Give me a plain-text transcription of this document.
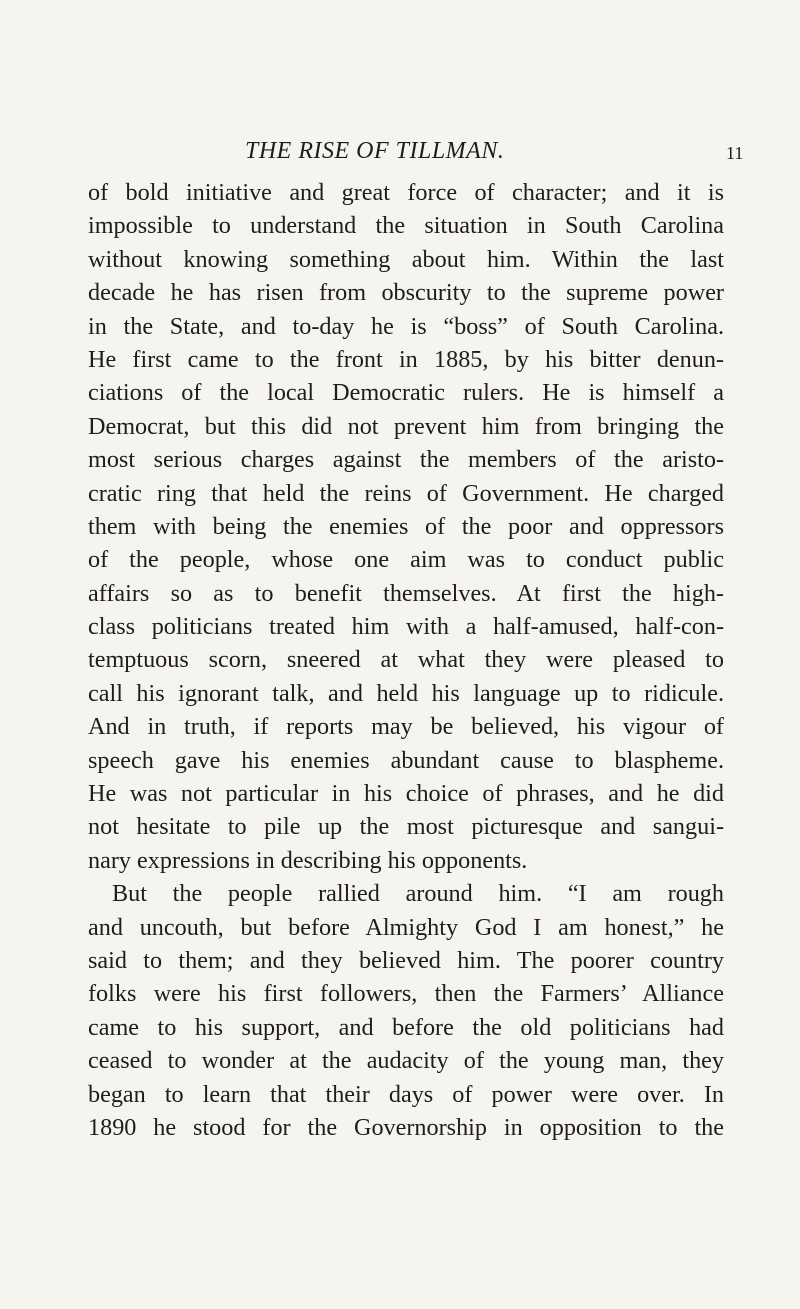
THE RISE OF TILLMAN.	11
of bold initiative and great force of character; and it is
impossible to understand the situation in South Carolina
without knowing something about him. Within the last
decade he has risen from obscurity to the supreme power
in the State, and to-day he is “boss” of South Carolina.
He first came to the front in 1885, by his bitter denun-
ciations of the local Democratic rulers. He is himself a
Democrat, but this did not prevent him from bringing the
most serious charges against the members of the aristo-
cratic ring that held the reins of Government. He charged
them with being the enemies of the poor and oppressors
of the people, whose one aim was to conduct public
affairs so as to benefit themselves. At first the high-
class politicians treated him with a half-amused, half-con-
temptuous scorn, sneered at what they were pleased to
call his ignorant talk, and held his language up to ridicule.
And in truth, if reports may be believed, his vigour of
speech gave his enemies abundant cause to blaspheme.
He was not particular in his choice of phrases, and he did
not hesitate to pile up the most picturesque and sangui-
nary expressions in describing his opponents.
But the people rallied around him. “I am rough
and uncouth, but before Almighty God I am honest,” he
said to them; and they believed him. The poorer country
folks were his first followers, then the Farmers’ Alliance
came to his support, and before the old politicians had
ceased to wonder at the audacity of the young man, they
began to learn that their days of power were over. In
1890 he stood for the Governorship in opposition to the
